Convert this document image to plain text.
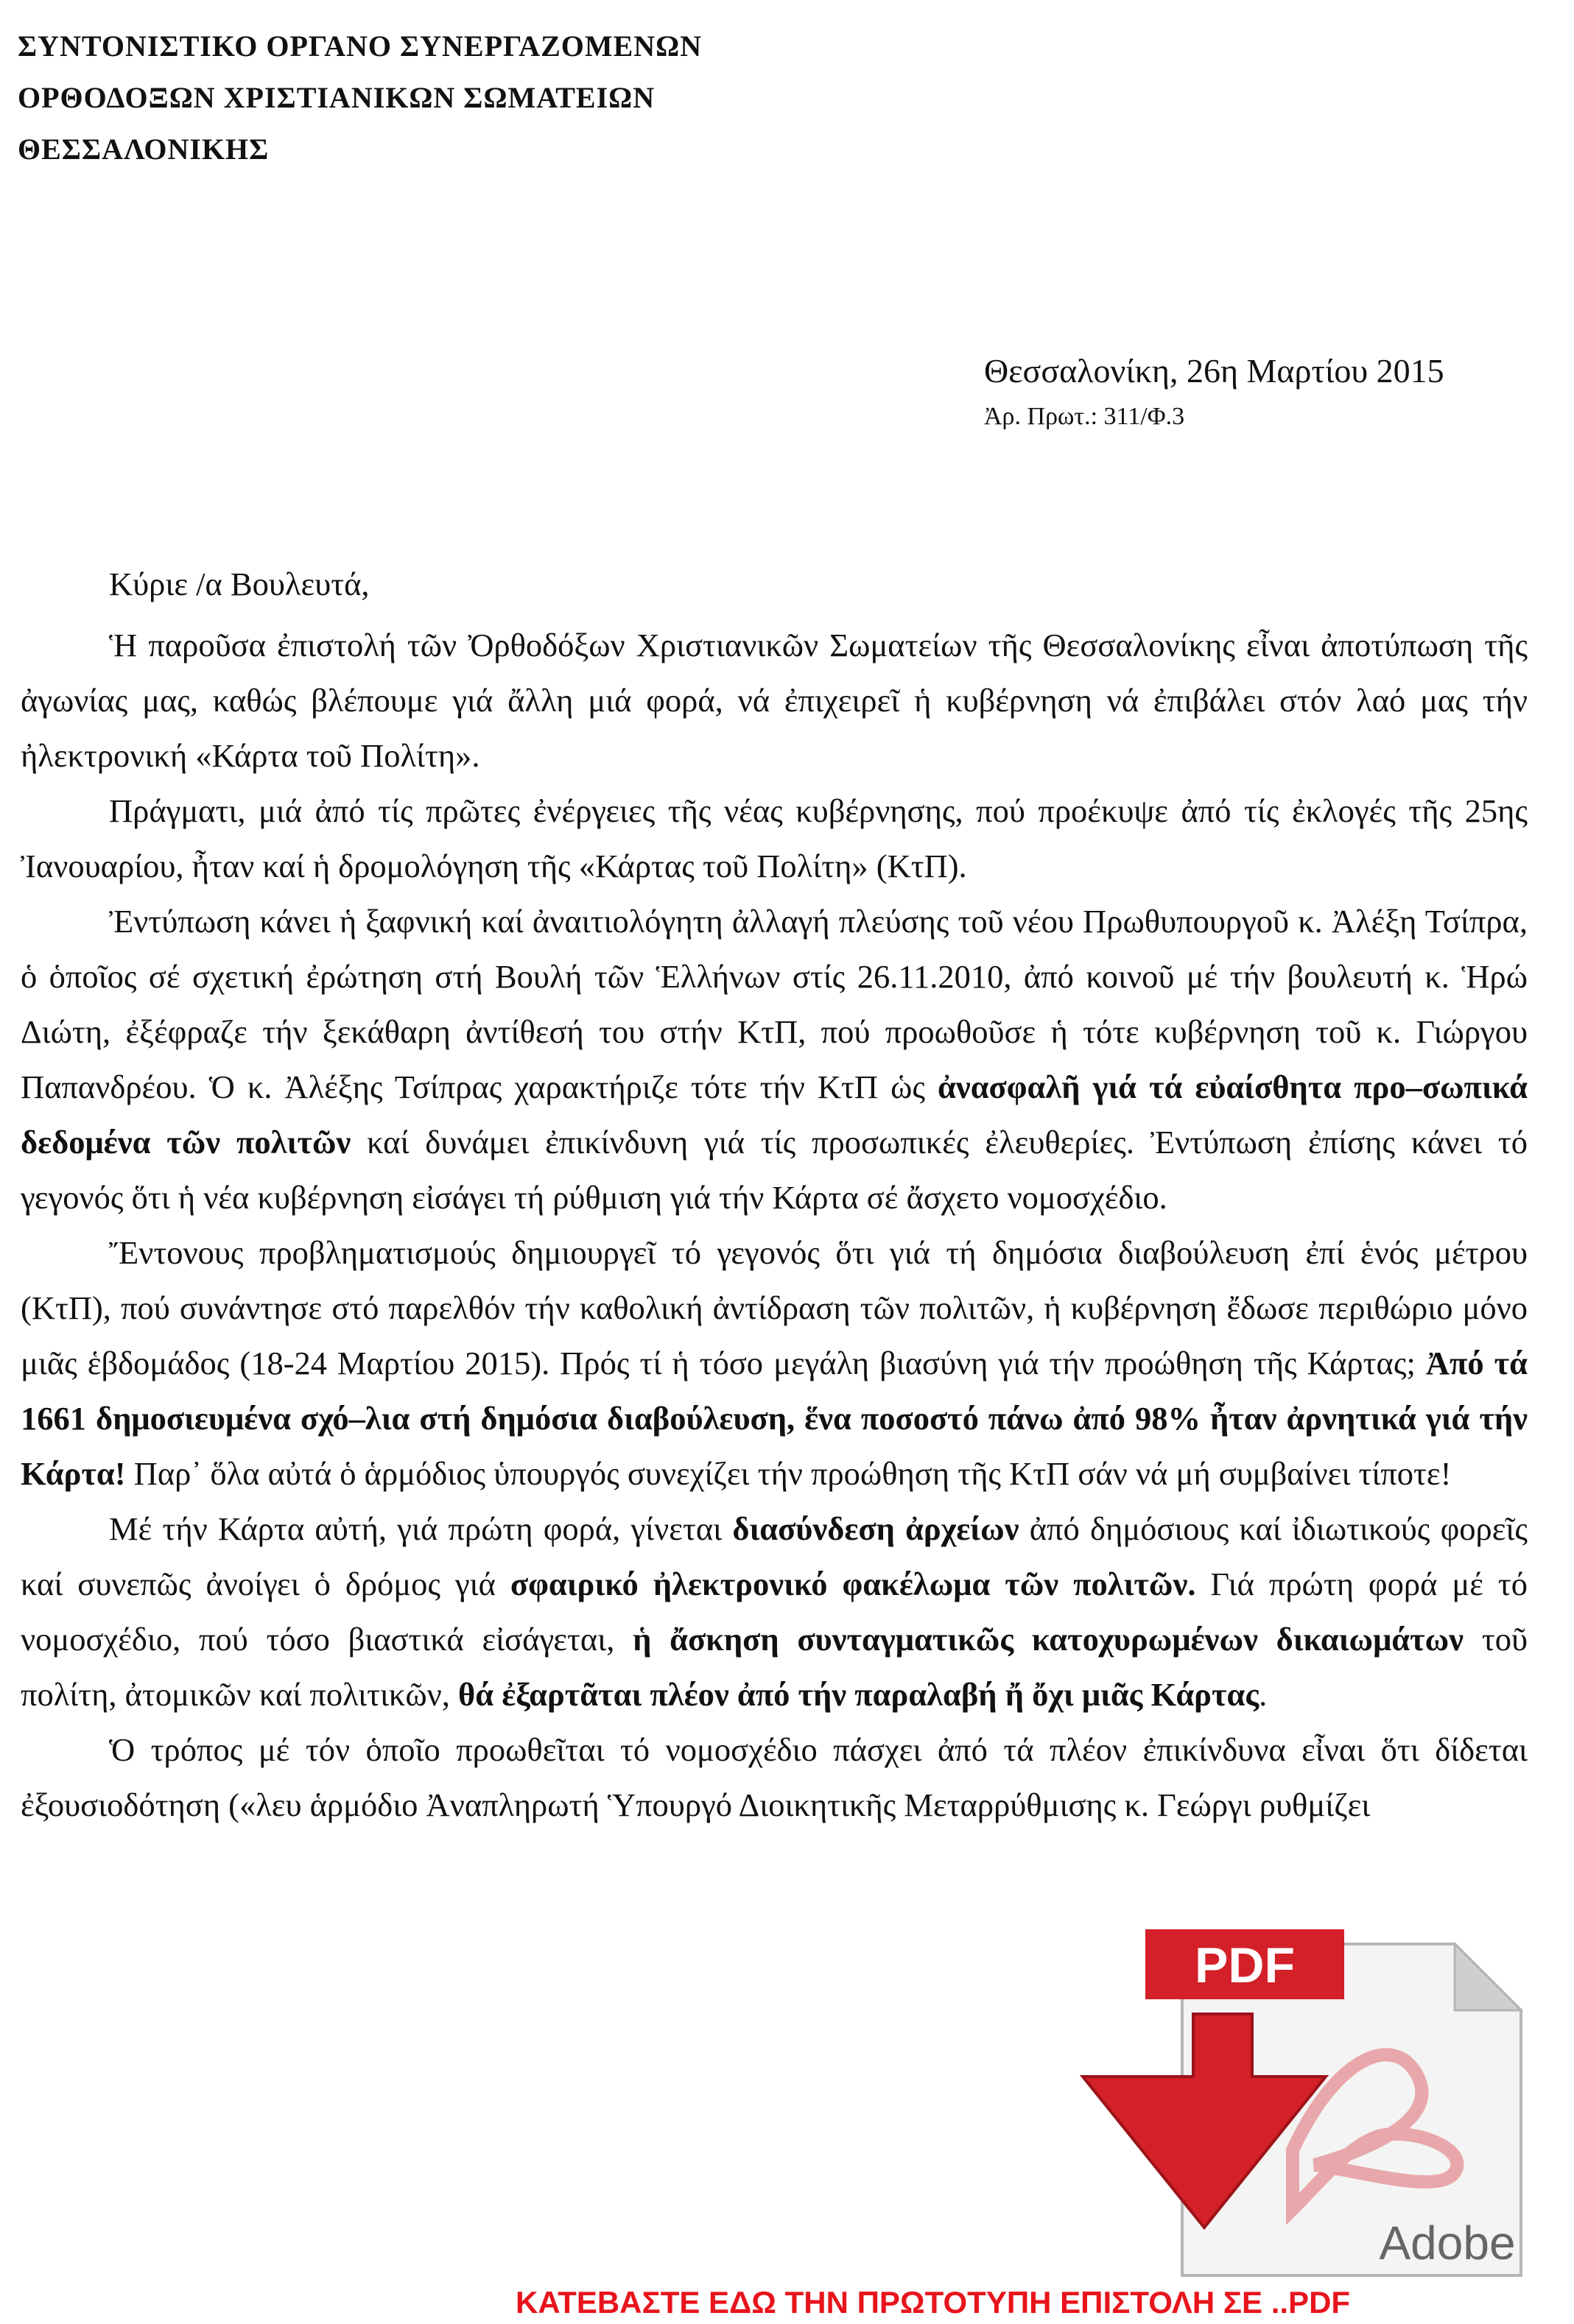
ΣΥΝΤΟΝΙΣΤΙΚΟ ΟΡΓΑΝΟ ΣΥΝΕΡΓΑΖΟΜΕΝΩΝ
ΟΡΘΟΔΟΞΩΝ ΧΡΙΣΤΙΑΝΙΚΩΝ ΣΩΜΑΤΕΙΩΝ
ΘΕΣΣΑΛΟΝΙΚΗΣ
Θεσσαλονίκη, 26η Μαρτίου 2015
Ἀρ. Πρωτ.: 311/Φ.3

Κύριε /α Βουλευτά,

Ἡ παροῦσα ἐπιστολή τῶν Ὀρθοδόξων Χριστιανικῶν Σωματείων τῆς Θεσσαλονίκης εἶναι ἀποτύπωση τῆς ἀγωνίας μας, καθώς βλέπουμε γιά ἄλλη μιά φορά, νά ἐπιχειρεῖ ἡ κυβέρνηση νά ἐπιβάλει στόν λαό μας τήν ἠλεκτρονική «Κάρτα τοῦ Πολίτη».

Πράγματι, μιά ἀπό τίς πρῶτες ἐνέργειες τῆς νέας κυβέρνησης, πού προέκυψε ἀπό τίς ἐκλογές τῆς 25ης Ἰανουαρίου, ἦταν καί ἡ δρομολόγηση τῆς «Κάρτας τοῦ Πολίτη» (ΚτΠ).

Ἐντύπωση κάνει ἡ ξαφνική καί ἀναιτιολόγητη ἀλλαγή πλεύσης τοῦ νέου Πρωθυπουργοῦ κ. Ἀλέξη Τσίπρα, ὁ ὁποῖος σέ σχετική ἐρώτηση στή Βουλή τῶν Ἑλλήνων στίς 26.11.2010, ἀπό κοινοῦ μέ τήν βουλευτή κ. Ἡρώ Διώτη, ἐξέφραζε τήν ξεκάθαρη ἀντίθεσή του στήν ΚτΠ, πού προωθοῦσε ἡ τότε κυβέρνηση τοῦ κ. Γιώργου Παπανδρέου. Ὁ κ. Ἀλέξης Τσίπρας χαρακτήριζε τότε τήν ΚτΠ ὡς ἀνασφαλῆ γιά τά εὐαίσθητα προ–σωπικά δεδομένα τῶν πολιτῶν καί δυνάμει ἐπικίνδυνη γιά τίς προσωπικές ἐλευθερίες. Ἐντύπωση ἐπίσης κάνει τό γεγονός ὅτι ἡ νέα κυβέρνηση εἰσάγει τή ρύθμιση γιά τήν Κάρτα σέ ἄσχετο νομοσχέδιο.

Ἔντονους προβληματισμούς δημιουργεῖ τό γεγονός ὅτι γιά τή δημόσια διαβούλευση ἐπί ἑνός μέτρου (ΚτΠ), πού συνάντησε στό παρελθόν τήν καθολική ἀντίδραση τῶν πολιτῶν, ἡ κυβέρνηση ἔδωσε περιθώριο μόνο μιᾶς ἑβδομάδος (18-24 Μαρτίου 2015). Πρός τί ἡ τόσο μεγάλη βιασύνη γιά τήν προώθηση τῆς Κάρτας; Ἀπό τά 1661 δημοσιευμένα σχό–λια στή δημόσια διαβούλευση, ἕνα ποσοστό πάνω ἀπό 98% ἦταν ἀρνητικά γιά τήν Κάρτα! Παρ᾽ ὅλα αὐτά ὁ ἁρμόδιος ὑπουργός συνεχίζει τήν προώθηση τῆς ΚτΠ σάν νά μή συμβαίνει τίποτε!

Μέ τήν Κάρτα αὐτή, γιά πρώτη φορά, γίνεται διασύνδεση ἀρχείων ἀπό δημόσιους καί ἰδιωτικούς φορεῖς καί συνεπῶς ἀνοίγει ὁ δρόμος γιά σφαιρικό ἠλεκτρονικό φακέλωμα τῶν πολιτῶν. Γιά πρώτη φορά μέ τό νομοσχέδιο, πού τόσο βιαστικά εἰσάγεται, ἡ ἄσκηση συνταγματικῶς κατοχυρωμένων δικαιωμάτων τοῦ πολίτη, ἀτομικῶν καί πολιτικῶν, θά ἐξαρτᾶται πλέον ἀπό τήν παραλαβή ἤ ὄχι μιᾶς Κάρτας.

Ὁ τρόπος μέ τόν ὁποῖο προωθεῖται τό νομοσχέδιο πάσχει ἀπό τά πλέον ἐπικίνδυνα εἶναι ὅτι δίδεται ἐξουσιοδότηση («λευ ἁρμόδιο Ἀναπληρωτή Ὑπουργό Διοικητικῆς Μεταρρύθμισης κ. Γεώργι ρυθμίζει

PDF
Adobe
ΚΑΤΕΒΑΣΤΕ ΕΔΩ ΤΗΝ ΠΡΩΤΟΤΥΠΗ ΕΠΙΣΤΟΛΗ ΣΕ ..PDF
